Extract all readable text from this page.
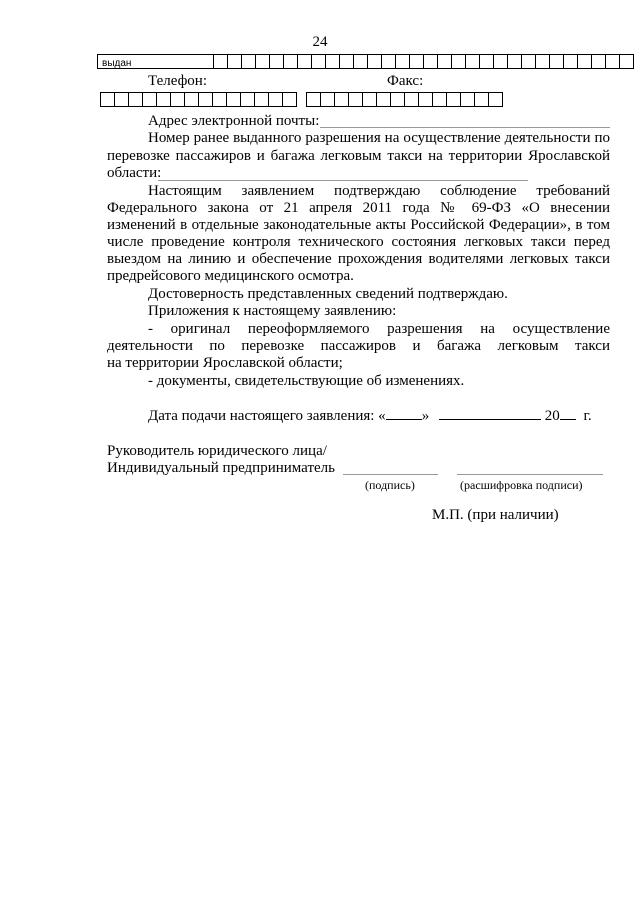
24

выдан
Телефон:	Факс:

Адрес электронной почты:
Номер ранее выданного разрешения на осуществление деятельности по
перевозке пассажиров и багажа легковым такси на территории Ярославской
области:
Настоящим заявлением подтверждаю соблюдение требований
Федерального закона от 21 апреля 2011 года № 69-ФЗ «О внесении
изменений в отдельные законодательные акты Российской Федерации», в том
числе проведение контроля технического состояния легковых такси перед
выездом на линию и обеспечение прохождения водителями легковых такси
предрейсового медицинского осмотра.
Достоверность представленных сведений подтверждаю.
Приложения к настоящему заявлению:
- оригинал переоформляемого разрешения на осуществление
деятельности по перевозке пассажиров и багажа легковым такси
на территории Ярославской области;
- документы, свидетельствующие об изменениях.
Дата подачи настоящего заявления: « »	20 г.
Руководитель юридического лица/
Индивидуальный предприниматель
(подпись)	(расшифровка подписи)
М.П. (при наличии)
